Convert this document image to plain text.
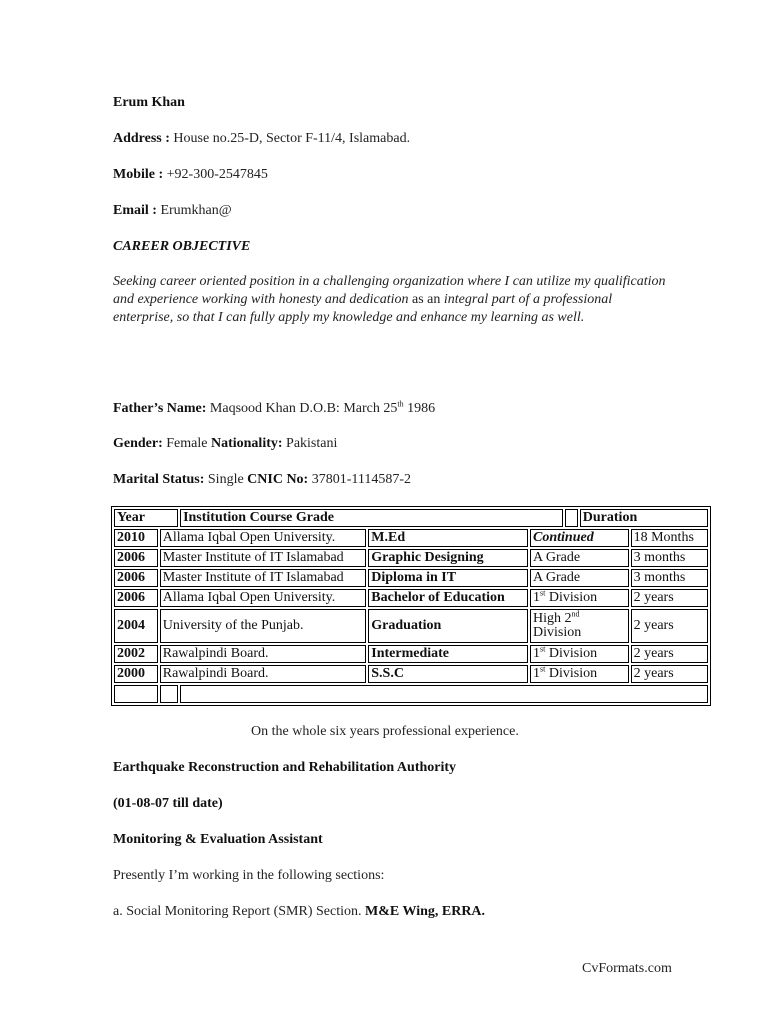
Erum Khan
Address : House no.25-D, Sector F-11/4, Islamabad.
Mobile : +92-300-2547845
Email : Erumkhan@
CAREER OBJECTIVE
Seeking career oriented position in a challenging organization where I can utilize my qualification and experience working with honesty and dedication as an integral part of a professional enterprise, so that I can fully apply my knowledge and enhance my learning as well.
Father’s Name: Maqsood Khan D.O.B: March 25th 1986
Gender: Female Nationality: Pakistani
Marital Status: Single CNIC No: 37801-1114587-2
Year		Institution Course Grade				Duration	
2010	Allama Iqbal Open University.		M.Ed	Continued			18 Months
2006	Master Institute of IT Islamabad		Graphic Designing	A Grade			3 months
2006	Master Institute of IT Islamabad		Diploma in IT	A Grade			3 months
2006	Allama Iqbal Open University.		Bachelor of Education	1st Division			2 years
2004	University of the Punjab.		Graduation	High 2nd Division			2 years
2002	Rawalpindi Board.		Intermediate	1st Division			2 years
2000	Rawalpindi Board.		S.S.C	1st Division			2 years

On the whole six years professional experience.
Earthquake Reconstruction and Rehabilitation Authority
(01-08-07 till date)
Monitoring & Evaluation Assistant
Presently I’m working in the following sections:
a. Social Monitoring Report (SMR) Section. M&E Wing, ERRA.
CvFormats.com
